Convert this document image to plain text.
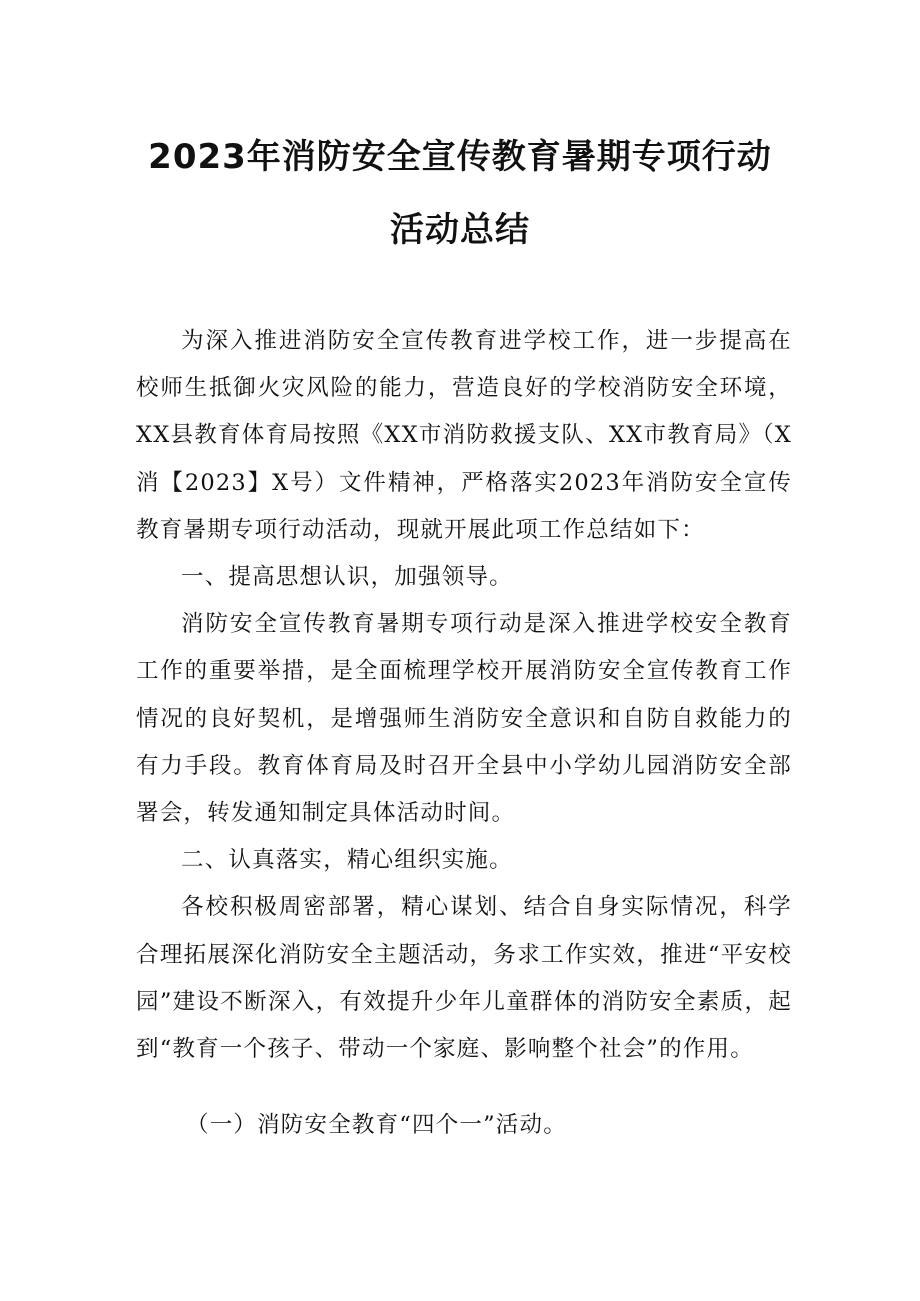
2023年消防安全宣传教育暑期专项行动
活动总结

为深入推进消防安全宣传教育进学校工作，进一步提高在校师生抵御火灾风险的能力，营造良好的学校消防安全环境，XX县教育体育局按照《XX市消防救援支队、XX市教育局》（X消【2023】X号）文件精神，严格落实2023年消防安全宣传教育暑期专项行动活动，现就开展此项工作总结如下：

一、提高思想认识，加强领导。

消防安全宣传教育暑期专项行动是深入推进学校安全教育工作的重要举措，是全面梳理学校开展消防安全宣传教育工作情况的良好契机，是增强师生消防安全意识和自防自救能力的有力手段。教育体育局及时召开全县中小学幼儿园消防安全部署会，转发通知制定具体活动时间。

二、认真落实，精心组织实施。

各校积极周密部署，精心谋划、结合自身实际情况，科学合理拓展深化消防安全主题活动，务求工作实效，推进“平安校园”建设不断深入，有效提升少年儿童群体的消防安全素质，起到“教育一个孩子、带动一个家庭、影响整个社会”的作用。

（一）消防安全教育“四个一”活动。
